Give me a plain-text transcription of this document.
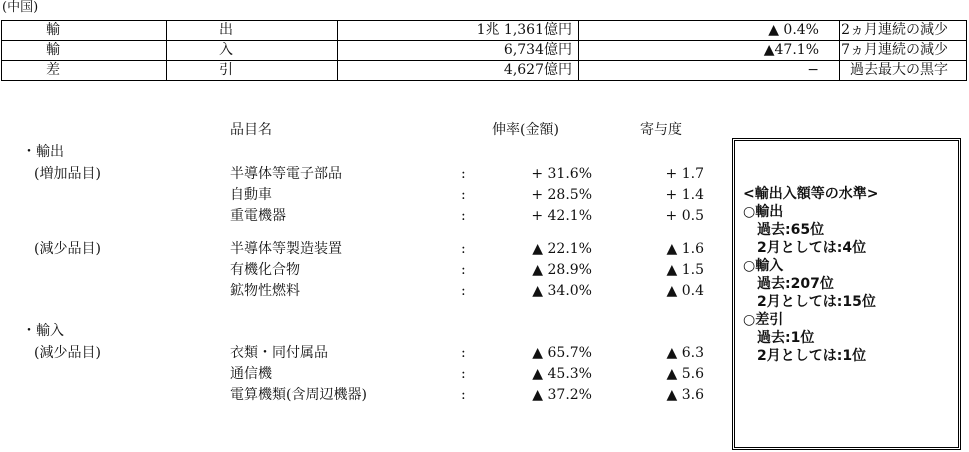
(中国)
輸	出	1兆 1,361億円	▲ 0.4%	2ヵ月連続の減少
輸	入	6,734億円	▲47.1%	7ヵ月連続の減少
差	引	4,627億円	−	過去最大の黒字
品目名	伸率(金額)	寄与度
・輸出
(増加品目)	半導体等電子部品	:	+ 31.6%	+ 1.7
自動車	:	+ 28.5%	+ 1.4
重電機器	:	+ 42.1%	+ 0.5
(減少品目)	半導体等製造装置	:	▲ 22.1%	▲ 1.6
有機化合物	:	▲ 28.9%	▲ 1.5
鉱物性燃料	:	▲ 34.0%	▲ 0.4
・輸入
(減少品目)	衣類・同付属品	:	▲ 65.7%	▲ 6.3
通信機	:	▲ 45.3%	▲ 5.6
電算機類(含周辺機器)	:	▲ 37.2%	▲ 3.6
<輸出入額等の水準>
○輸出
過去:65位
2月としては:4位
○輸入
過去:207位
2月としては:15位
○差引
過去:1位
2月としては:1位
